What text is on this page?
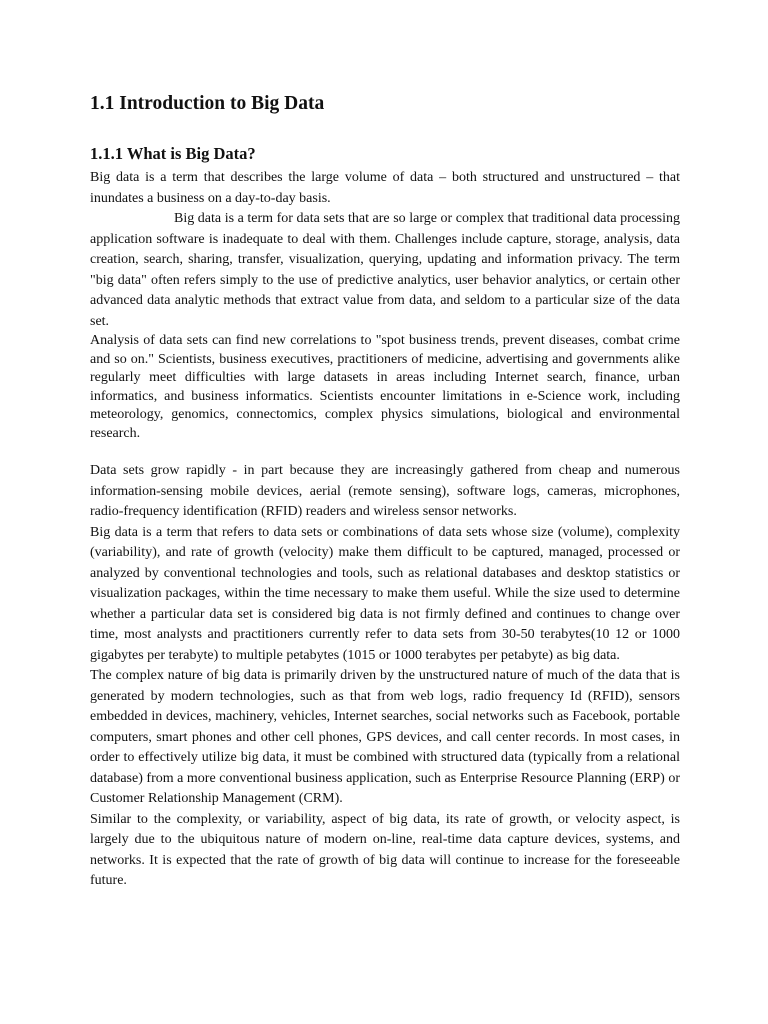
1.1 Introduction to Big Data
1.1.1 What is Big Data?

Big data is a term that describes the large volume of data – both structured and unstructured – that inundates a business on a day-to-day basis.

Big data is a term for data sets that are so large or complex that traditional data processing application software is inadequate to deal with them. Challenges include capture, storage, analysis, data creation, search, sharing, transfer, visualization, querying, updating and information privacy. The term "big data" often refers simply to the use of predictive analytics, user behavior analytics, or certain other advanced data analytic methods that extract value from data, and seldom to a particular size of the data set.

Analysis of data sets can find new correlations to "spot business trends, prevent diseases, combat crime and so on." Scientists, business executives, practitioners of medicine, advertising and governments alike regularly meet difficulties with large datasets in areas including Internet search, finance, urban informatics, and business informatics. Scientists encounter limitations in e-Science work, including meteorology, genomics, connectomics, complex physics simulations, biological and environmental research.

Data sets grow rapidly - in part because they are increasingly gathered from cheap and numerous information-sensing mobile devices, aerial (remote sensing), software logs, cameras, microphones, radio-frequency identification (RFID) readers and wireless sensor networks.

Big data is a term that refers to data sets or combinations of data sets whose size (volume), complexity (variability), and rate of growth (velocity) make them difficult to be captured, managed, processed or analyzed by conventional technologies and tools, such as relational databases and desktop statistics or visualization packages, within the time necessary to make them useful. While the size used to determine whether a particular data set is considered big data is not firmly defined and continues to change over time, most analysts and practitioners currently refer to data sets from 30-50 terabytes(10 12 or 1000 gigabytes per terabyte) to multiple petabytes (1015 or 1000 terabytes per petabyte) as big data.

The complex nature of big data is primarily driven by the unstructured nature of much of the data that is generated by modern technologies, such as that from web logs, radio frequency Id (RFID), sensors embedded in devices, machinery, vehicles, Internet searches, social networks such as Facebook, portable computers, smart phones and other cell phones, GPS devices, and call center records. In most cases, in order to effectively utilize big data, it must be combined with structured data (typically from a relational database) from a more conventional business application, such as Enterprise Resource Planning (ERP) or Customer Relationship Management (CRM).

Similar to the complexity, or variability, aspect of big data, its rate of growth, or velocity aspect, is largely due to the ubiquitous nature of modern on-line, real-time data capture devices, systems, and networks. It is expected that the rate of growth of big data will continue to increase for the foreseeable future.
